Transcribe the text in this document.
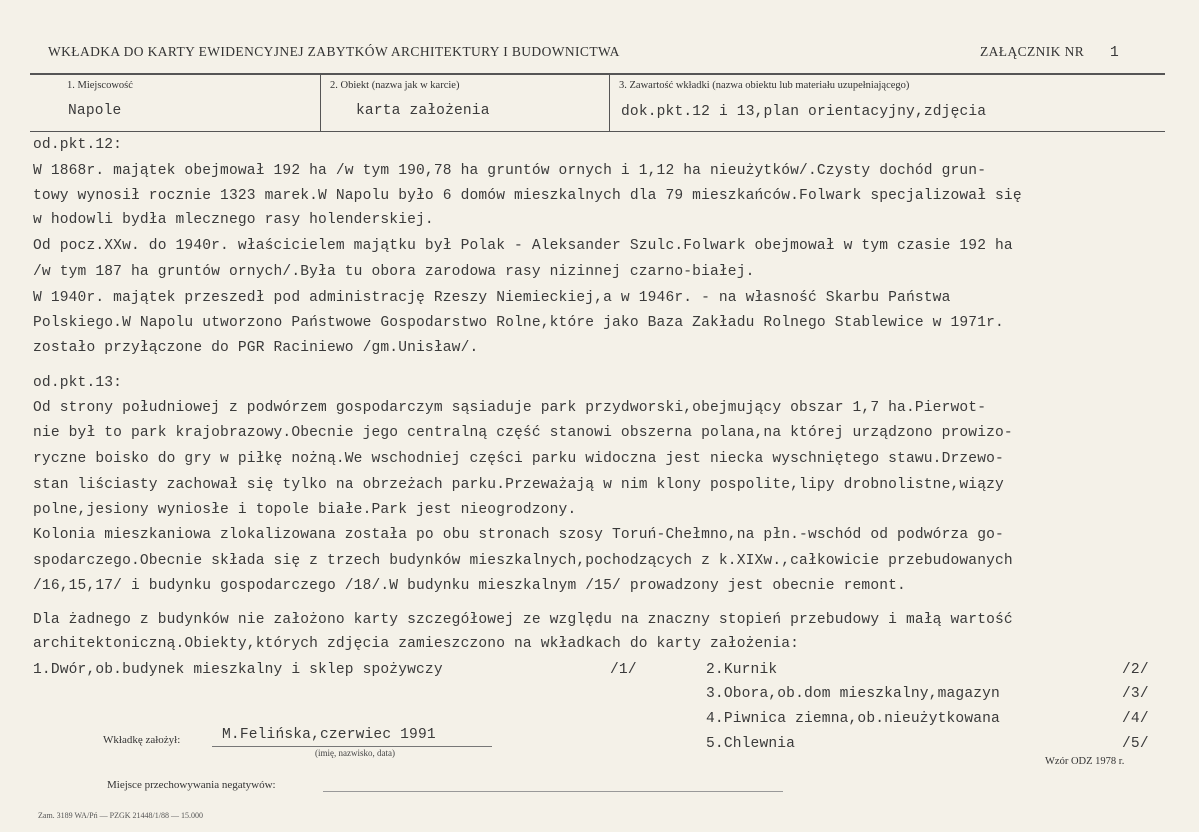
WKŁADKA DO KARTY EWIDENCYJNEJ ZABYTKÓW ARCHITEKTURY I BUDOWNICTWA	ZAŁĄCZNIK NR 1
1. Miejscowość
Napole
2. Obiekt (nazwa jak w karcie)
karta założenia
3. Zawartość wkładki (nazwa obiektu lub materiału uzupełniającego)
dok.pkt.12 i 13,plan orientacyjny,zdjęcia
od.pkt.12:
W 1868r. majątek obejmował 192 ha /w tym 190,78 ha gruntów ornych i 1,12 ha nieużytków/.Czysty dochód grun-
towy wynosił rocznie 1323 marek.W Napolu było 6 domów mieszkalnych dla 79 mieszkańców.Folwark specjalizował się
w hodowli bydła mlecznego rasy holenderskiej.
Od pocz.XXw. do 1940r. właścicielem majątku był Polak - Aleksander Szulc.Folwark obejmował w tym czasie 192 ha
/w tym 187 ha gruntów ornych/.Była tu obora zarodowa rasy nizinnej czarno-białej.
W 1940r. majątek przeszedł pod administrację Rzeszy Niemieckiej,a w 1946r. - na własność Skarbu Państwa
Polskiego.W Napolu utworzono Państwowe Gospodarstwo Rolne,które jako Baza Zakładu Rolnego Stablewice w 1971r.
zostało przyłączone do PGR Raciniewo /gm.Unisław/.
od.pkt.13:
Od strony południowej z podwórzem gospodarczym sąsiaduje park przydworski,obejmujący obszar 1,7 ha.Pierwot-
nie był to park krajobrazowy.Obecnie jego centralną część stanowi obszerna polana,na której urządzono prowizo-
ryczne boisko do gry w piłkę nożną.We wschodniej części parku widoczna jest niecka wyschniętego stawu.Drzewo-
stan liściasty zachował się tylko na obrzeżach parku.Przeważają w nim klony pospolite,lipy drobnolistne,wiązy
polne,jesiony wyniosłe i topole białe.Park jest nieogrodzony.
Kolonia mieszkaniowa zlokalizowana została po obu stronach szosy Toruń-Chełmno,na płn.-wschód od podwórza go-
spodarczego.Obecnie składa się z trzech budynków mieszkalnych,pochodzących z k.XIXw.,całkowicie przebudowanych
/16,15,17/ i budynku gospodarczego /18/.W budynku mieszkalnym /15/ prowadzony jest obecnie remont.
Dla żadnego z budynków nie założono karty szczegółowej ze względu na znaczny stopień przebudowy i małą wartość
architektoniczną.Obiekty,których zdjęcia zamieszczono na wkładkach do karty założenia:
1.Dwór,ob.budynek mieszkalny i sklep spożywczy	/1/	2.Kurnik	/2/
3.Obora,ob.dom mieszkalny,magazyn	/3/
4.Piwnica ziemna,ob.nieużytkowana	/4/
5.Chlewnia	/5/
Wkładkę założył:	M.Felińska,czerwiec 1991
(imię, nazwisko, data)
Wzór ODZ 1978 r.
Miejsce przechowywania negatywów:
Zam. 3189 WA/Pń — PZGK 21448/1/88 — 15.000
